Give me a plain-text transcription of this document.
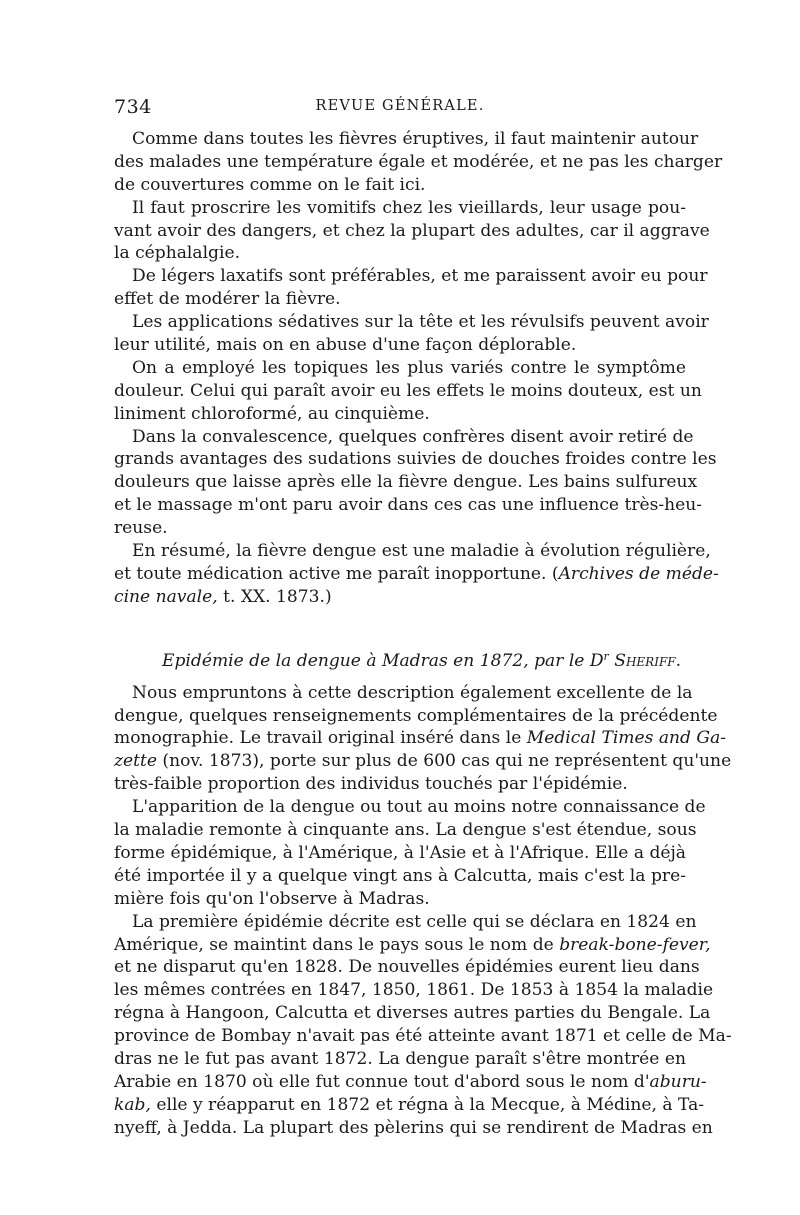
734	REVUE GÉNÉRALE.
Comme dans toutes les fièvres éruptives, il faut maintenir autour
des malades une température égale et modérée, et ne pas les charger
de couvertures comme on le fait ici.
Il faut proscrire les vomitifs chez les vieillards, leur usage pou-
vant avoir des dangers, et chez la plupart des adultes, car il aggrave
la céphalalgie.
De légers laxatifs sont préférables, et me paraissent avoir eu pour
effet de modérer la fièvre.
Les applications sédatives sur la tête et les révulsifs peuvent avoir
leur utilité, mais on en abuse d'une façon déplorable.
On a employé les topiques les plus variés contre le symptôme
douleur. Celui qui paraît avoir eu les effets le moins douteux, est un
liniment chloroformé, au cinquième.
Dans la convalescence, quelques confrères disent avoir retiré de
grands avantages des sudations suivies de douches froides contre les
douleurs que laisse après elle la fièvre dengue. Les bains sulfureux
et le massage m'ont paru avoir dans ces cas une influence très-heu-
reuse.
En résumé, la fièvre dengue est une maladie à évolution régulière,
et toute médication active me paraît inopportune. (Archives de méde-
cine navale, t. XX. 1873.)
Epidémie de la dengue à Madras en 1872, par le $D^r$ Sheriff.
Nous empruntons à cette description également excellente de la
dengue, quelques renseignements complémentaires de la précédente
monographie. Le travail original inséré dans le Medical Times and Ga-
zette (nov. 1873), porte sur plus de 600 cas qui ne représentent qu'une
très-faible proportion des individus touchés par l'épidémie.
L'apparition de la dengue ou tout au moins notre connaissance de
la maladie remonte à cinquante ans. La dengue s'est étendue, sous
forme épidémique, à l'Amérique, à l'Asie et à l'Afrique. Elle a déjà
été importée il y a quelque vingt ans à Calcutta, mais c'est la pre-
mière fois qu'on l'observe à Madras.
La première épidémie décrite est celle qui se déclara en 1824 en
Amérique, se maintint dans le pays sous le nom de break-bone-fever,
et ne disparut qu'en 1828. De nouvelles épidémies eurent lieu dans
les mêmes contrées en 1847, 1850, 1861. De 1853 à 1854 la maladie
régna à Hangoon, Calcutta et diverses autres parties du Bengale. La
province de Bombay n'avait pas été atteinte avant 1871 et celle de Ma-
dras ne le fut pas avant 1872. La dengue paraît s'être montrée en
Arabie en 1870 où elle fut connue tout d'abord sous le nom d'aburu-
kab, elle y réapparut en 1872 et régna à la Mecque, à Médine, à Ta-
nyeff, à Jedda. La plupart des pèlerins qui se rendirent de Madras en
